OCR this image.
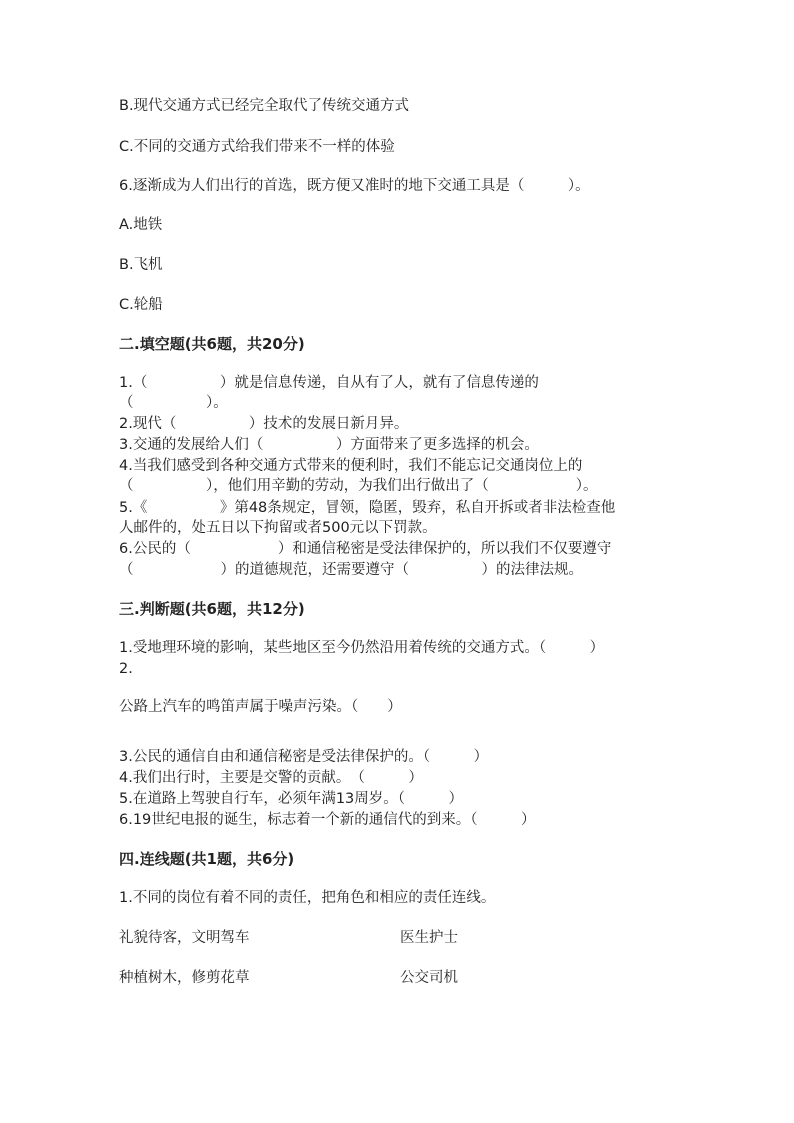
B.现代交通方式已经完全取代了传统交通方式
C.不同的交通方式给我们带来不一样的体验
6.逐渐成为人们出行的首选，既方便又准时的地下交通工具是（　　　）。
A.地铁
B.飞机
C.轮船
二.填空题(共6题，共20分)
1.（　　　　　）就是信息传递，自从有了人，就有了信息传递的
（　　　　　）。
2.现代（　　　　　）技术的发展日新月异。
3.交通的发展给人们（　　　　　）方面带来了更多选择的机会。
4.当我们感受到各种交通方式带来的便利时，我们不能忘记交通岗位上的
（　　　　　），他们用辛勤的劳动，为我们出行做出了（　　　　　　）。
5.《　　　　　》第48条规定，冒领，隐匿，毁弃，私自开拆或者非法检查他
人邮件的，处五日以下拘留或者500元以下罚款。
6.公民的（　　　　　　）和通信秘密是受法律保护的，所以我们不仅要遵守
（　　　　　　）的道德规范，还需要遵守（　　　　　）的法律法规。
三.判断题(共6题，共12分)
1.受地理环境的影响，某些地区至今仍然沿用着传统的交通方式。（　　　）
2.
公路上汽车的鸣笛声属于噪声污染。（　　）
3.公民的通信自由和通信秘密是受法律保护的。（　　　）
4.我们出行时，主要是交警的贡献。　（　　　）
5.在道路上驾驶自行车，必须年满13周岁。（　　　）
6.19世纪电报的诞生，标志着一个新的通信代的到来。（　　　）
四.连线题(共1题，共6分)
1.不同的岗位有着不同的责任，把角色和相应的责任连线。
礼貌待客，文明驾车	医生护士
种植树木，修剪花草	公交司机
